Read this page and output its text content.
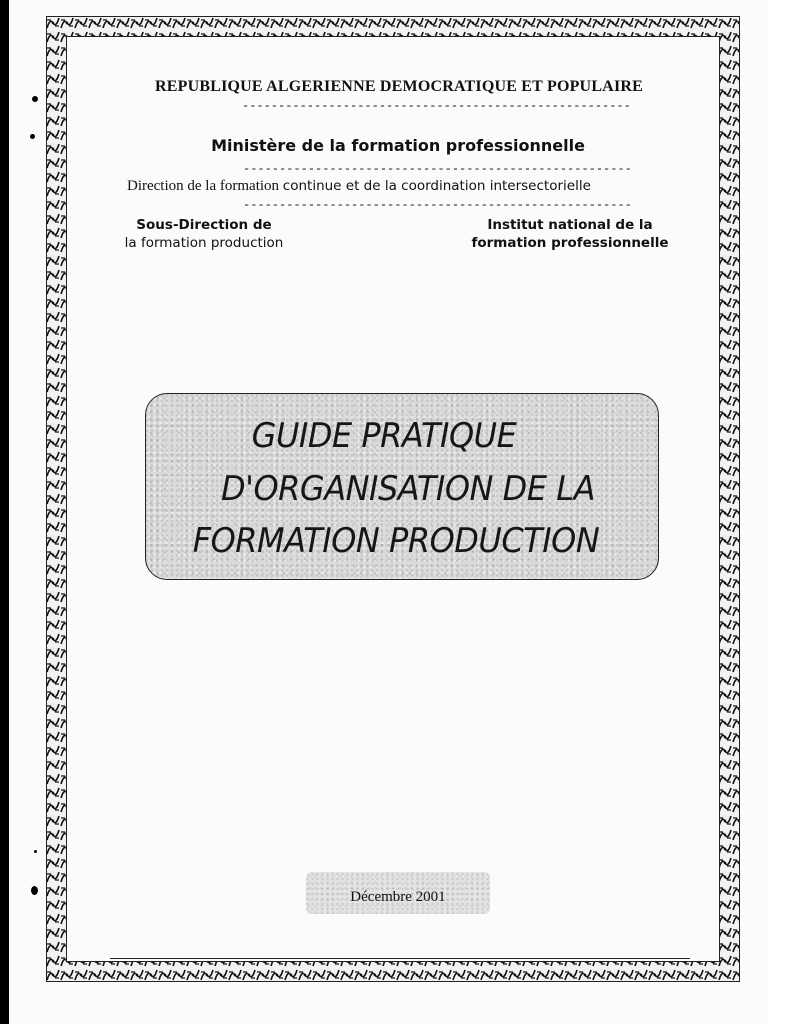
REPUBLIQUE ALGERIENNE DEMOCRATIQUE ET POPULAIRE
------------------------------------------------------
Ministère de la formation professionnelle
------------------------------------------------------
Direction de la formation continue et de la coordination intersectorielle
------------------------------------------------------
Sous-Direction de
la formation production
Institut national de la
formation professionnelle
GUIDE PRATIQUE
D'ORGANISATION DE LA
FORMATION PRODUCTION
Décembre 2001
